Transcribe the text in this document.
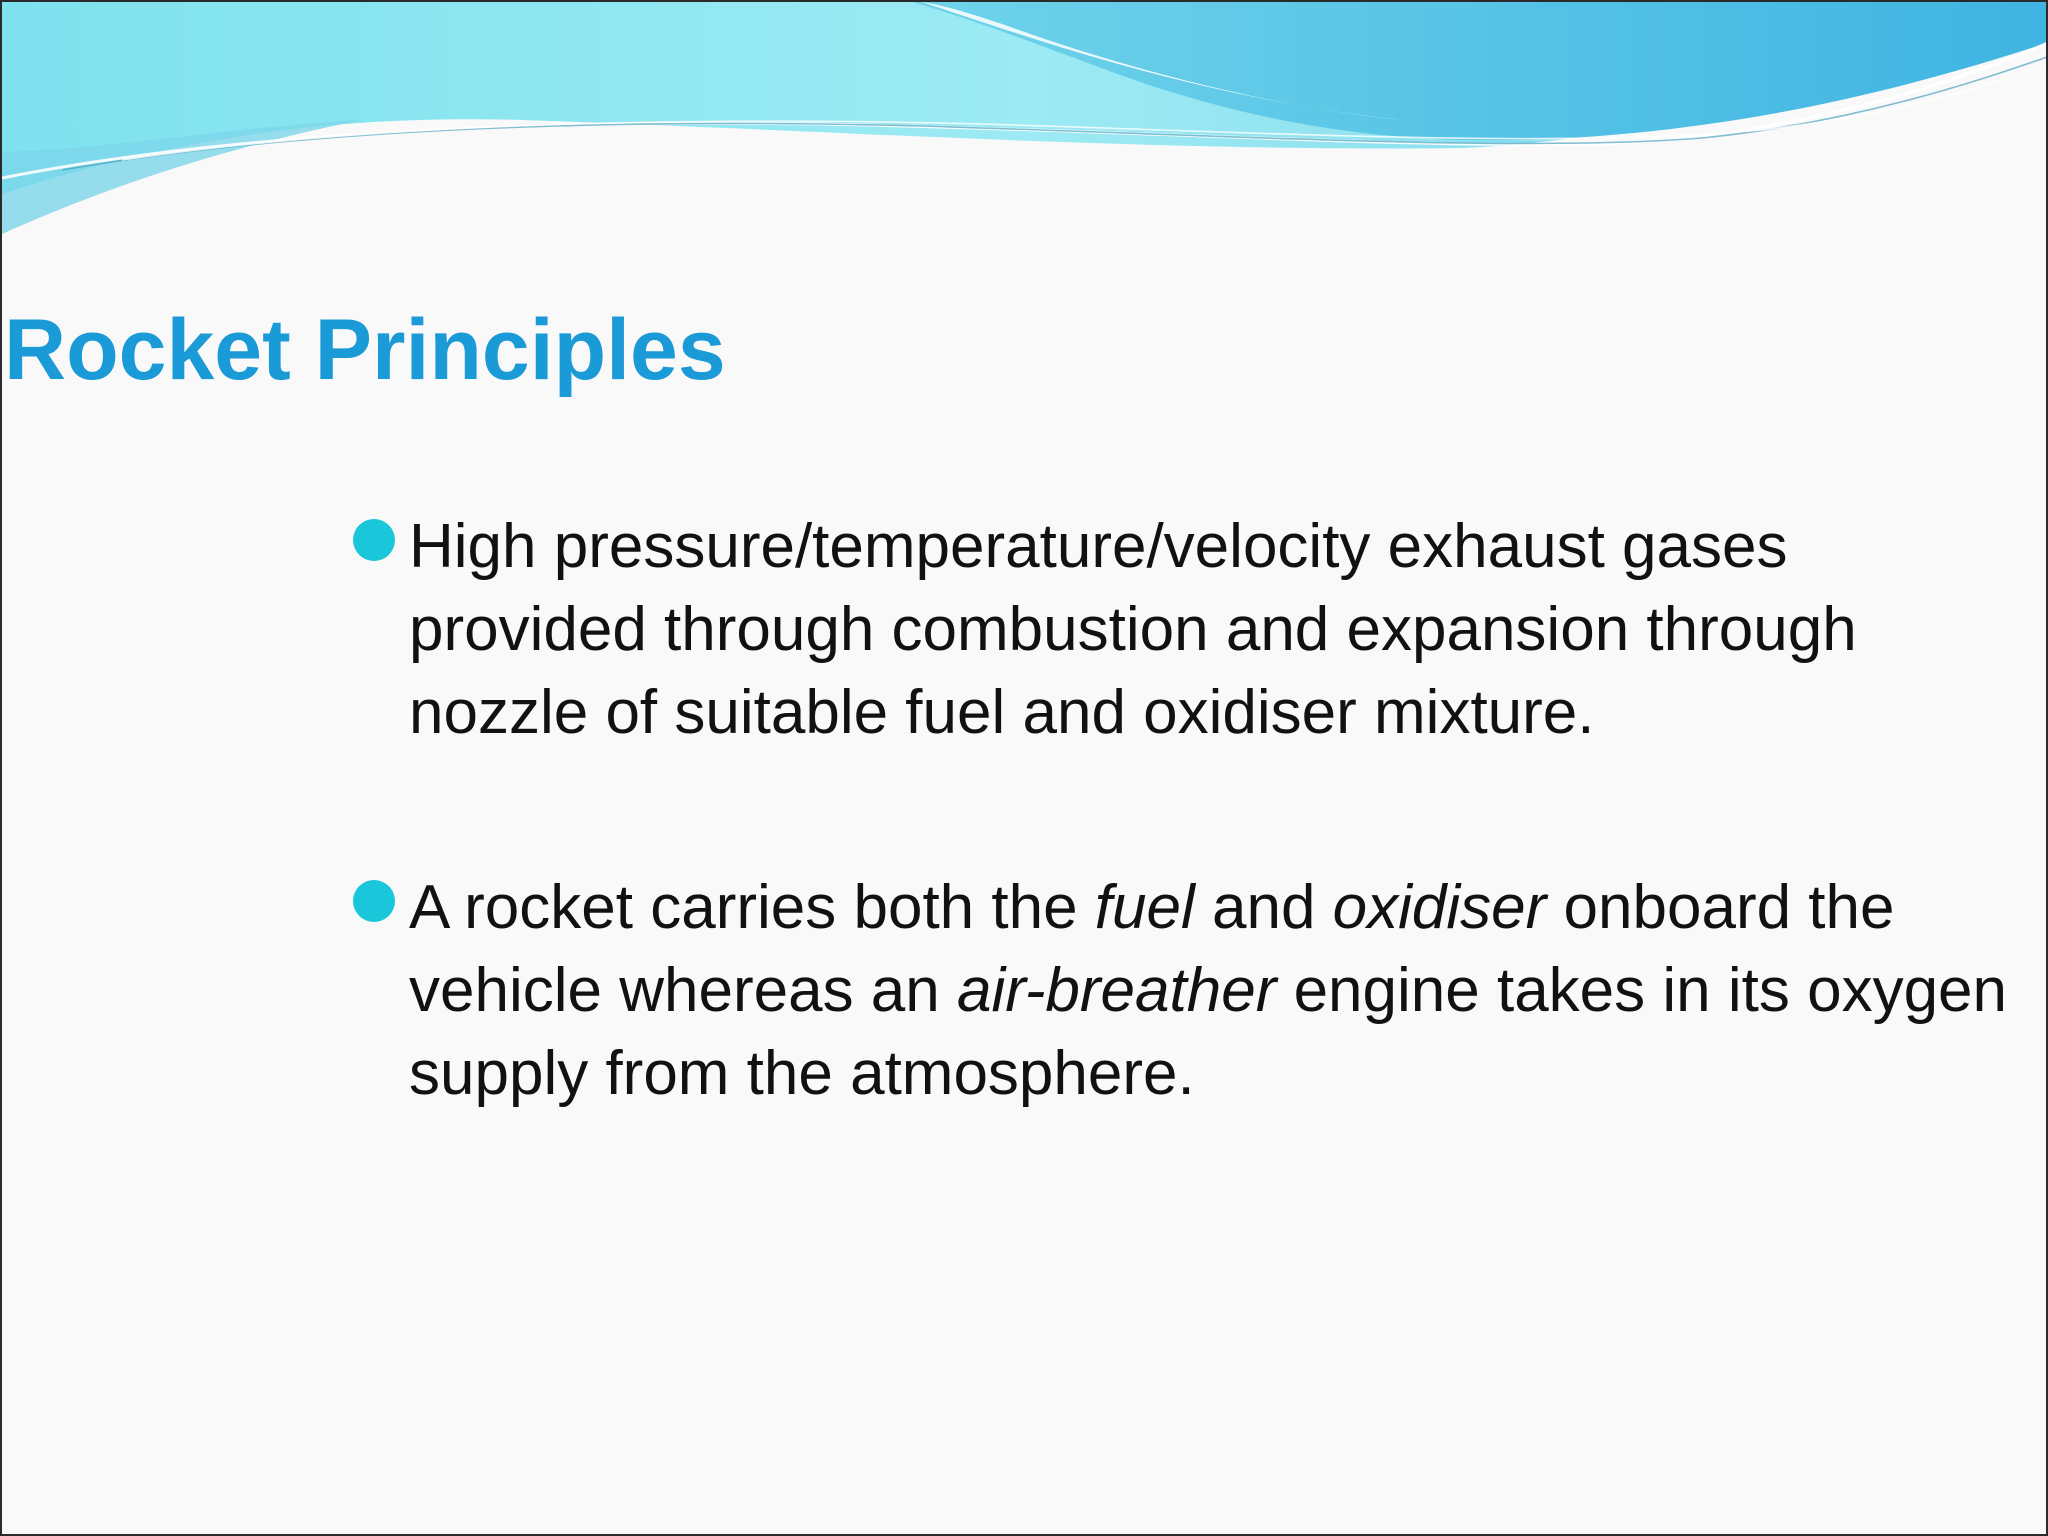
Rocket Principles
High pressure/temperature/velocity exhaust gases provided through combustion and expansion through nozzle of suitable fuel and oxidiser mixture.
A rocket carries both the fuel and oxidiser onboard the vehicle whereas an air-breather engine takes in its oxygen supply from the atmosphere.
